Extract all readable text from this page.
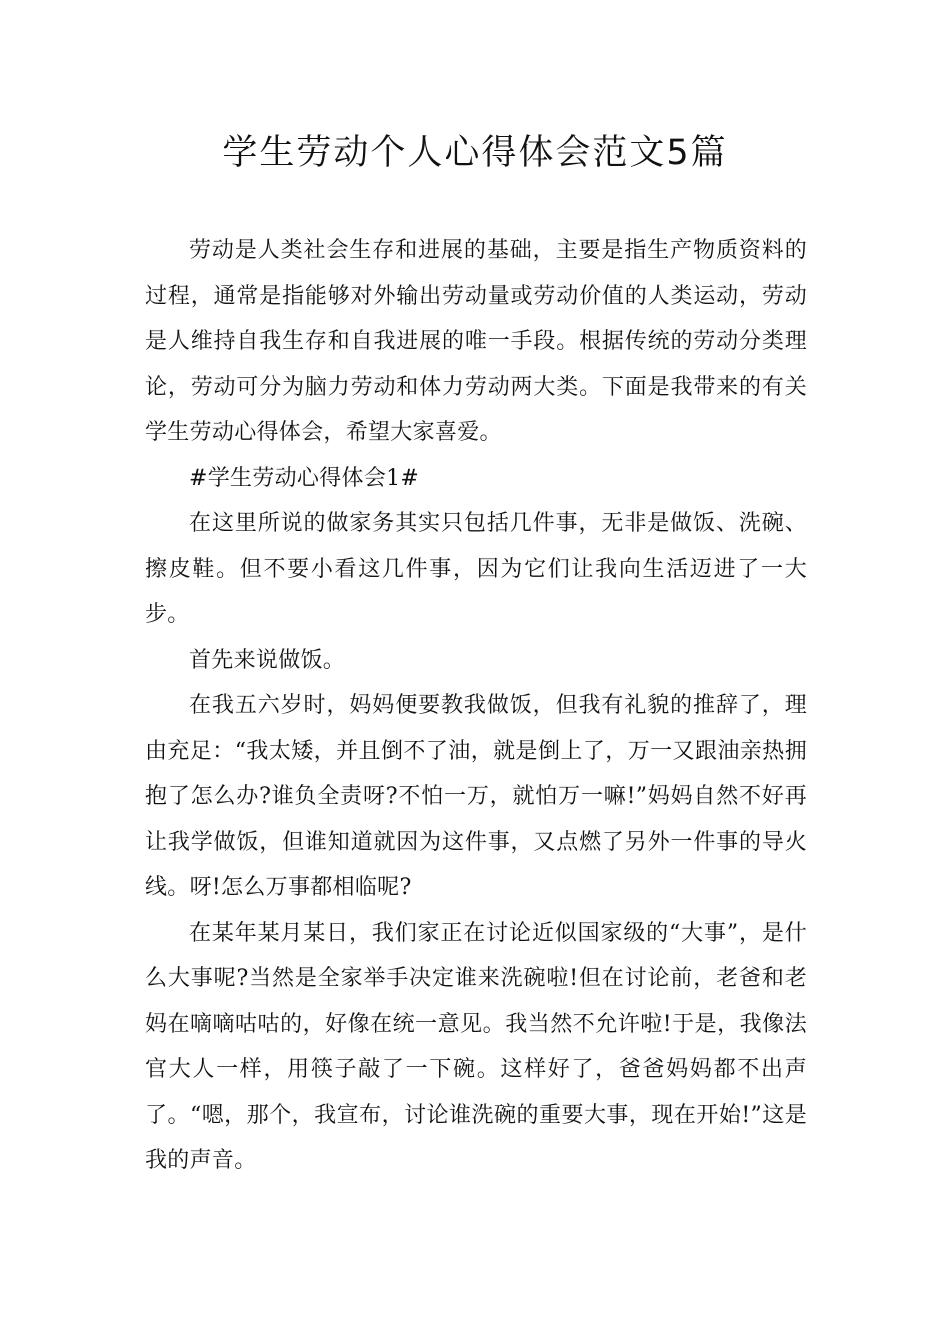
学生劳动个人心得体会范文5篇

劳动是人类社会生存和进展的基础，主要是指生产物质资料的过程，通常是指能够对外输出劳动量或劳动价值的人类运动，劳动是人维持自我生存和自我进展的唯一手段。根据传统的劳动分类理论，劳动可分为脑力劳动和体力劳动两大类。下面是我带来的有关学生劳动心得体会，希望大家喜爱。

#学生劳动心得体会1#

在这里所说的做家务其实只包括几件事，无非是做饭、洗碗、擦皮鞋。但不要小看这几件事，因为它们让我向生活迈进了一大步。

首先来说做饭。

在我五六岁时，妈妈便要教我做饭，但我有礼貌的推辞了，理由充足：“我太矮，并且倒不了油，就是倒上了，万一又跟油亲热拥抱了怎么办?谁负全责呀?不怕一万，就怕万一嘛!”妈妈自然不好再让我学做饭，但谁知道就因为这件事，又点燃了另外一件事的导火线。呀!怎么万事都相临呢?

在某年某月某日，我们家正在讨论近似国家级的“大事”，是什么大事呢?当然是全家举手决定谁来洗碗啦!但在讨论前，老爸和老妈在嘀嘀咕咕的，好像在统一意见。我当然不允许啦!于是，我像法官大人一样，用筷子敲了一下碗。这样好了，爸爸妈妈都不出声了。“嗯，那个，我宣布，讨论谁洗碗的重要大事，现在开始!”这是我的声音。
